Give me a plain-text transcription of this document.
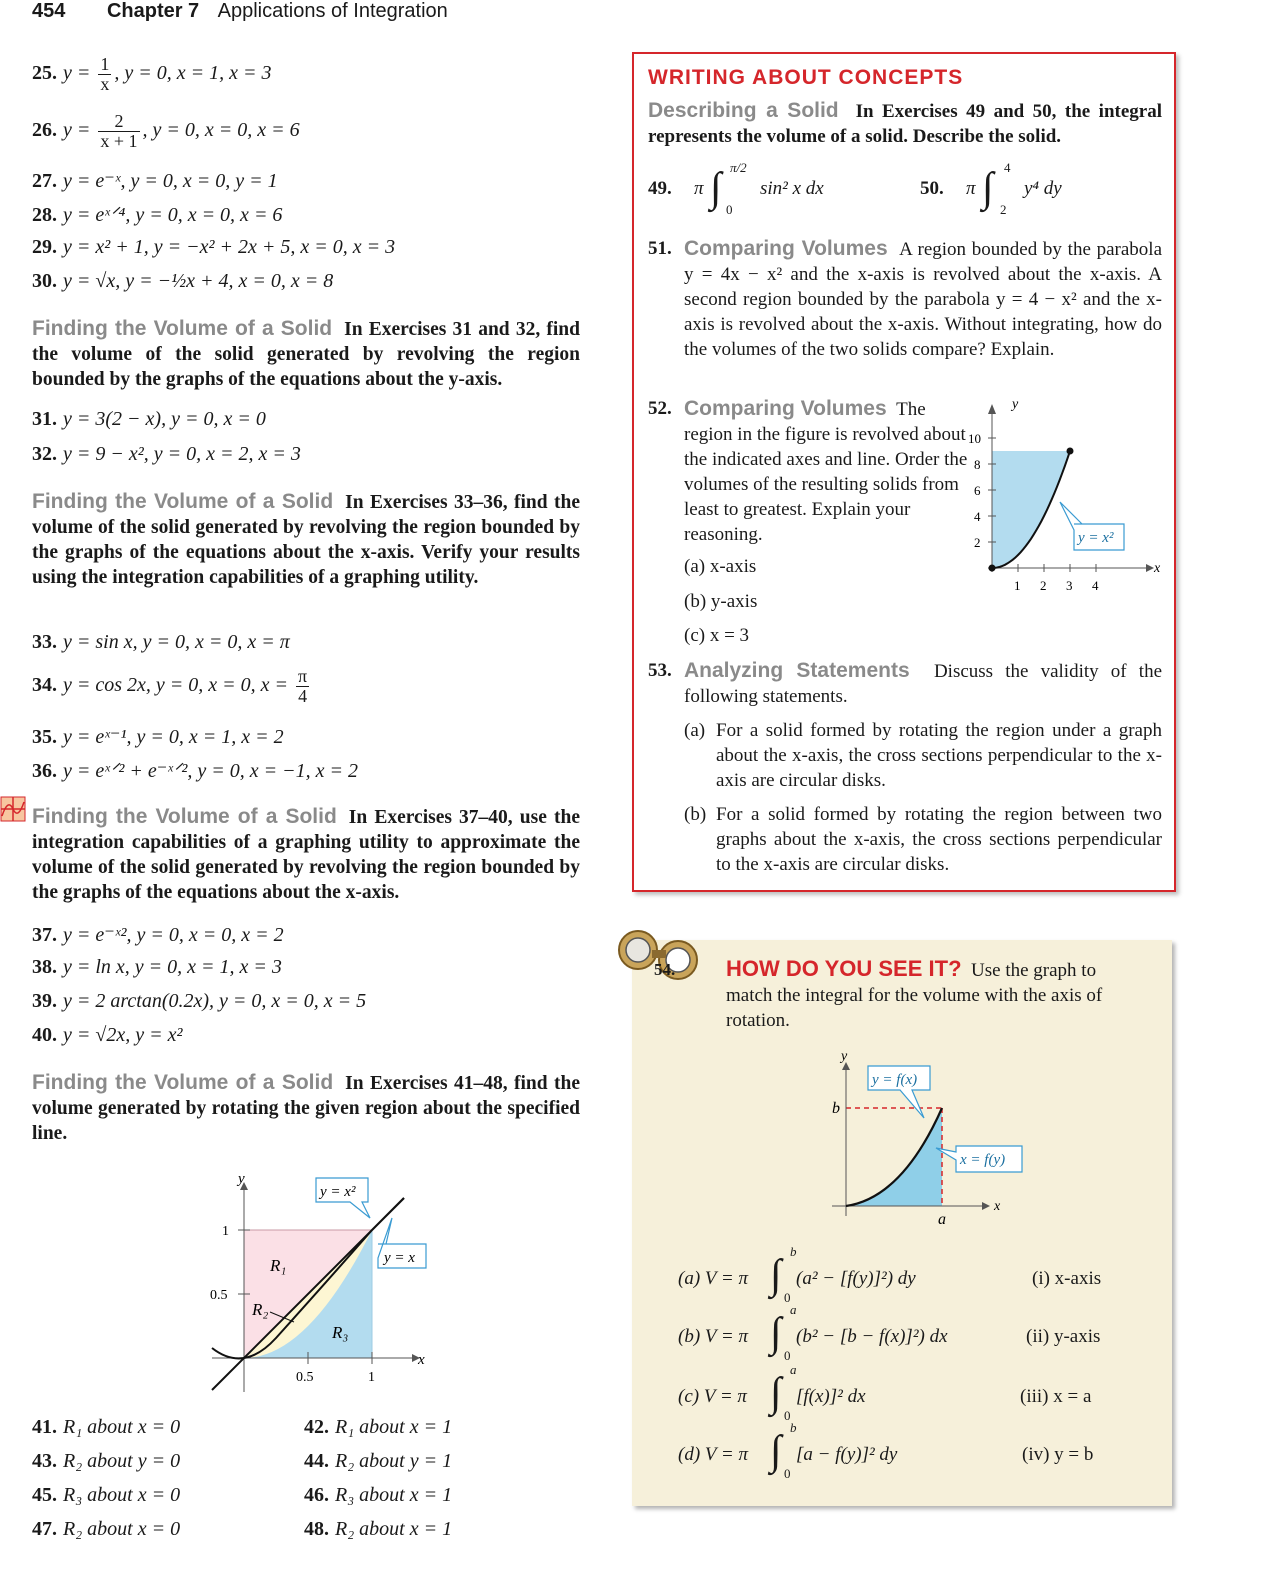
454 Chapter 7 Applications of Integration
25. $y = \frac{1}{x}$ , y = 0, x = 1, x = 3
26. $y = \frac{2}{x + 1}$ , y = 0, x = 0, x = 6
27. y = e⁻ˣ, y = 0, x = 0, y = 1
28. y = eˣᐟ⁴, y = 0, x = 0, x = 6
29. y = x² + 1, y = −x² + 2x + 5, x = 0, x = 3
30. y = √x, y = −½x + 4, x = 0, x = 8
Finding the Volume of a Solid In Exercises 31 and 32, find the volume of the solid generated by revolving the region bounded by the graphs of the equations about the y-axis.
31. y = 3(2 − x), y = 0, x = 0
32. y = 9 − x², y = 0, x = 2, x = 3
Finding the Volume of a Solid In Exercises 33–36, find the volume of the solid generated by revolving the region bounded by the graphs of the equations about the x-axis. Verify your results using the integration capabilities of a graphing utility.
33. y = sin x, y = 0, x = 0, x = π
34. y = cos 2x, y = 0, x = 0, $x = \frac{\pi}{4}$
35. y = eˣ⁻¹, y = 0, x = 1, x = 2
36. y = eˣᐟ² + e⁻ˣᐟ², y = 0, x = −1, x = 2
Finding the Volume of a Solid In Exercises 37–40, use the integration capabilities of a graphing utility to approximate the volume of the solid generated by revolving the region bounded by the graphs of the equations about the x-axis.
37. y = e⁻ˣ², y = 0, x = 0, x = 2
38. y = ln x, y = 0, x = 1, x = 3
39. y = 2 arctan(0.2x), y = 0, x = 0, x = 5
40. y = √2x, y = x²
Finding the Volume of a Solid In Exercises 41–48, find the volume generated by rotating the given region about the specified line.
y
x
1
0.5
0.5	1
R₁
R₂
R₃
y = x²
y = x
41. R₁ about x = 0	42. R₁ about x = 1
43. R₂ about y = 0	44. R₂ about y = 1
45. R₃ about x = 0	46. R₃ about x = 1
47. R₂ about x = 0	48. R₂ about x = 1
WRITING ABOUT CONCEPTS
Describing a Solid In Exercises 49 and 50, the integral represents the volume of a solid. Describe the solid.
49. π ∫ π/2
0
sin² x dx	50. π ∫ 4
2
y⁴ dy
51. Comparing Volumes A region bounded by the parabola y = 4x − x² and the x-axis is revolved about the x-axis. A second region bounded by the parabola y = 4 − x² and the x-axis is revolved about the x-axis. Without integrating, how do the volumes of the two solids compare? Explain.
52. Comparing Volumes The region in the figure is revolved about the indicated axes and line. Order the volumes of the resulting solids from least to greatest. Explain your reasoning.
(a) x-axis
(b) y-axis
(c) x = 3
10
8
6
4
2
1 2 3 4
y
x
y = x²
53. Analyzing Statements Discuss the validity of the following statements.
(a) For a solid formed by rotating the region under a graph about the x-axis, the cross sections perpendicular to the x-axis are circular disks.
(b) For a solid formed by rotating the region between two graphs about the x-axis, the cross sections perpendicular to the x-axis are circular disks.
54. HOW DO YOU SEE IT? Use the graph to match the integral for the volume with the axis of rotation.
y
x
b
a
y = f(x)
x = f(y)
(a) V = π ∫
b
0
(a² − [f(y)]²) dy	(i) x-axis
(b) V = π ∫
a
0
(b² − [b − f(x)]²) dx	(ii) y-axis
(c) V = π ∫
a
0
[f(x)]² dx	(iii) x = a
(d) V = π ∫
b
0
[a − f(y)]² dy	(iv) y = b
